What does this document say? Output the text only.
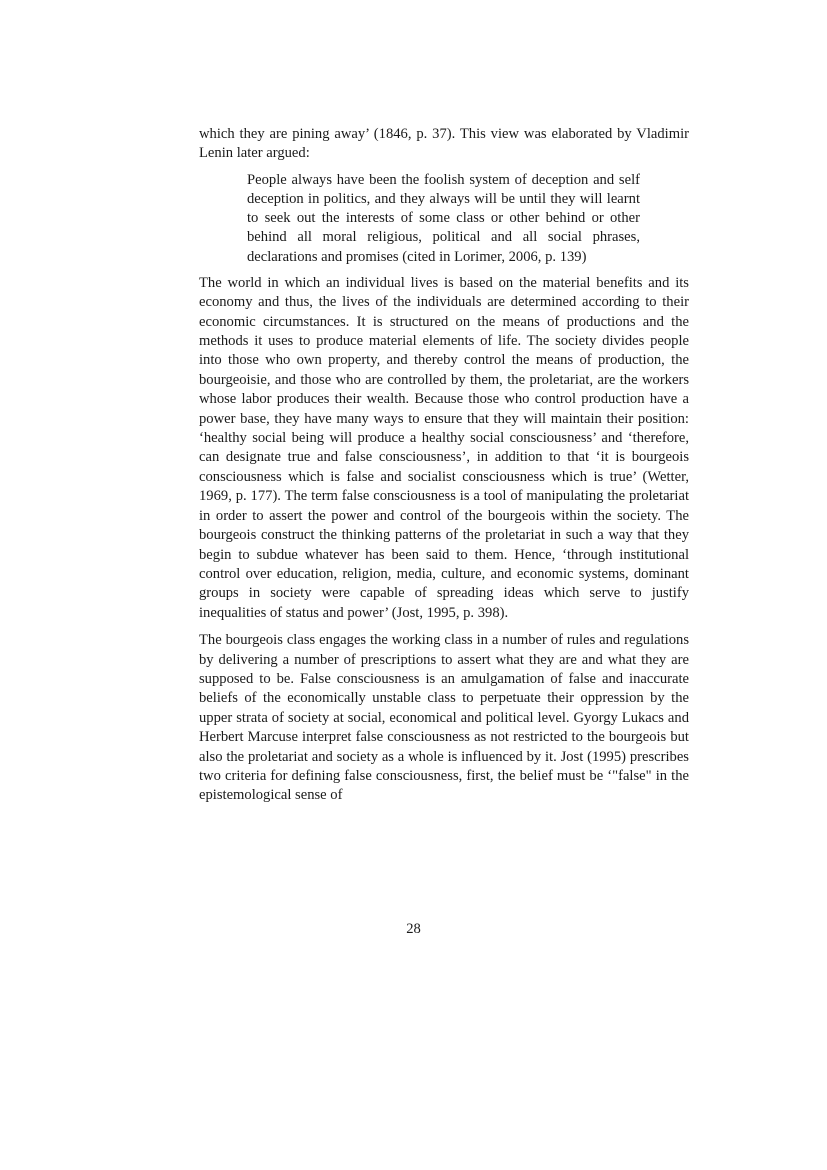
which they are pining away’ (1846, p. 37). This view was elaborated by Vladimir Lenin later argued:

People always have been the foolish system of deception and self deception in politics, and they always will be until they will learnt to seek out the interests of some class or other behind or other behind all moral religious, political and all social phrases, declarations and promises (cited in Lorimer, 2006, p. 139)

The world in which an individual lives is based on the material benefits and its economy and thus, the lives of the individuals are determined according to their economic circumstances. It is structured on the means of productions and the methods it uses to produce material elements of life. The society divides people into those who own property, and thereby control the means of production, the bourgeoisie, and those who are controlled by them, the proletariat, are the workers whose labor produces their wealth. Because those who control production have a power base, they have many ways to ensure that they will maintain their position: ‘healthy social being will produce a healthy social consciousness’ and ‘therefore, can designate true and false consciousness’, in addition to that ‘it is bourgeois consciousness which is false and socialist consciousness which is true’ (Wetter, 1969, p. 177). The term false consciousness is a tool of manipulating the proletariat in order to assert the power and control of the bourgeois within the society. The bourgeois construct the thinking patterns of the proletariat in such a way that they begin to subdue whatever has been said to them. Hence, ‘through institutional control over education, religion, media, culture, and economic systems, dominant groups in society were capable of spreading ideas which serve to justify inequalities of status and power’ (Jost, 1995, p. 398).

The bourgeois class engages the working class in a number of rules and regulations by delivering a number of prescriptions to assert what they are and what they are supposed to be. False consciousness is an amulgamation of false and inaccurate beliefs of the economically unstable class to perpetuate their oppression by the upper strata of society at social, economical and political level. Gyorgy Lukacs and Herbert Marcuse interpret false consciousness as not restricted to the bourgeois but also the proletariat and society as a whole is influenced by it. Jost (1995) prescribes two criteria for defining false consciousness, first, the belief must be ‘"false" in the epistemological sense of

28
